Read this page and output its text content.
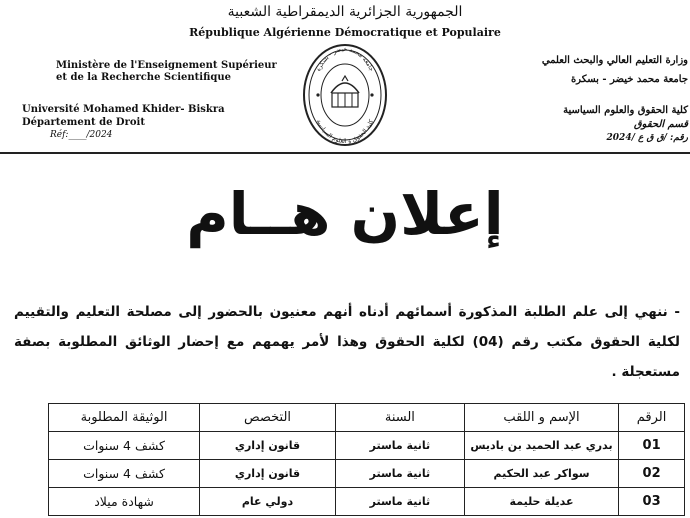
الجمهورية الجزائرية الديمقراطية الشعبية
République Algérienne Démocratique et Populaire
Ministère de l'Enseignement Supérieur
et de la Recherche Scientifique
Université Mohamed Khider- Biskra
Département de Droit
Réf:____/2024
وزارة التعليم العالي والبحث العلمي
جامعة محمد خيضر - بسكرة
كلية الحقوق والعلوم السياسية
قسم الحقوق
رقم: /ق ق ع /2024
جامعة محمد خيضر - بسكرة
كلية الحقوق و العلوم السياسية
إعلان هــام
- ننهي إلى علم الطلبة المذكورة أسمائهم أدناه أنهم معنيون بالحضور إلى مصلحة التعليم والتقييم لكلية الحقوق مكتب رقم (04) لكلية الحقوق وهذا لأمر يهمهم مع إحضار الوثائق المطلوبة بصفة مستعجلة .
الرقم	الإسم و اللقب	السنة	التخصص	الوثيقة المطلوبة
01	بدري عبد الحميد بن باديس	ثانية ماستر	قانون إداري	كشف 4 سنوات
02	سواكر عبد الحكيم	ثانية ماستر	قانون إداري	كشف 4 سنوات
03	عديلة حليمة	ثانية ماستر	دولي عام	شهادة ميلاد
